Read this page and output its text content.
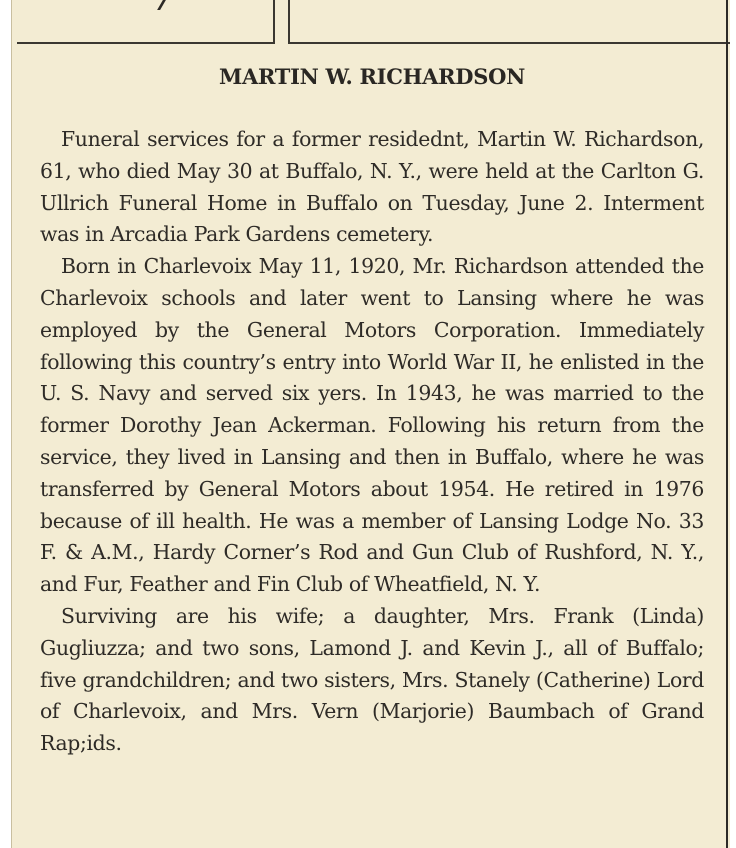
MARTIN W. RICHARDSON

Funeral services for a former residednt, Martin W. Richardson, 61, who died May 30 at Buffalo, N. Y., were held at the Carlton G. Ullrich Funeral Home in Buffalo on Tuesday, June 2. Interment was in Arcadia Park Gardens cemetery.

Born in Charlevoix May 11, 1920, Mr. Richardson attended the Charlevoix schools and later went to Lansing where he was employed by the General Motors Corporation. Immediately following this country’s entry into World War II, he enlisted in the U. S. Navy and served six yers. In 1943, he was married to the former Dorothy Jean Ackerman. Following his return from the service, they lived in Lansing and then in Buffalo, where he was transferred by General Motors about 1954. He retired in 1976 because of ill health. He was a member of Lansing Lodge No. 33 F. & A.M., Hardy Corner’s Rod and Gun Club of Rushford, N. Y., and Fur, Feather and Fin Club of Wheatfield, N. Y.

Surviving are his wife; a daughter, Mrs. Frank (Linda) Gugliuzza; and two sons, Lamond J. and Kevin J., all of Buffalo; five grandchildren; and two sisters, Mrs. Stanely (Catherine) Lord of Charlevoix, and Mrs. Vern (Marjorie) Baumbach of Grand Rap;ids.
